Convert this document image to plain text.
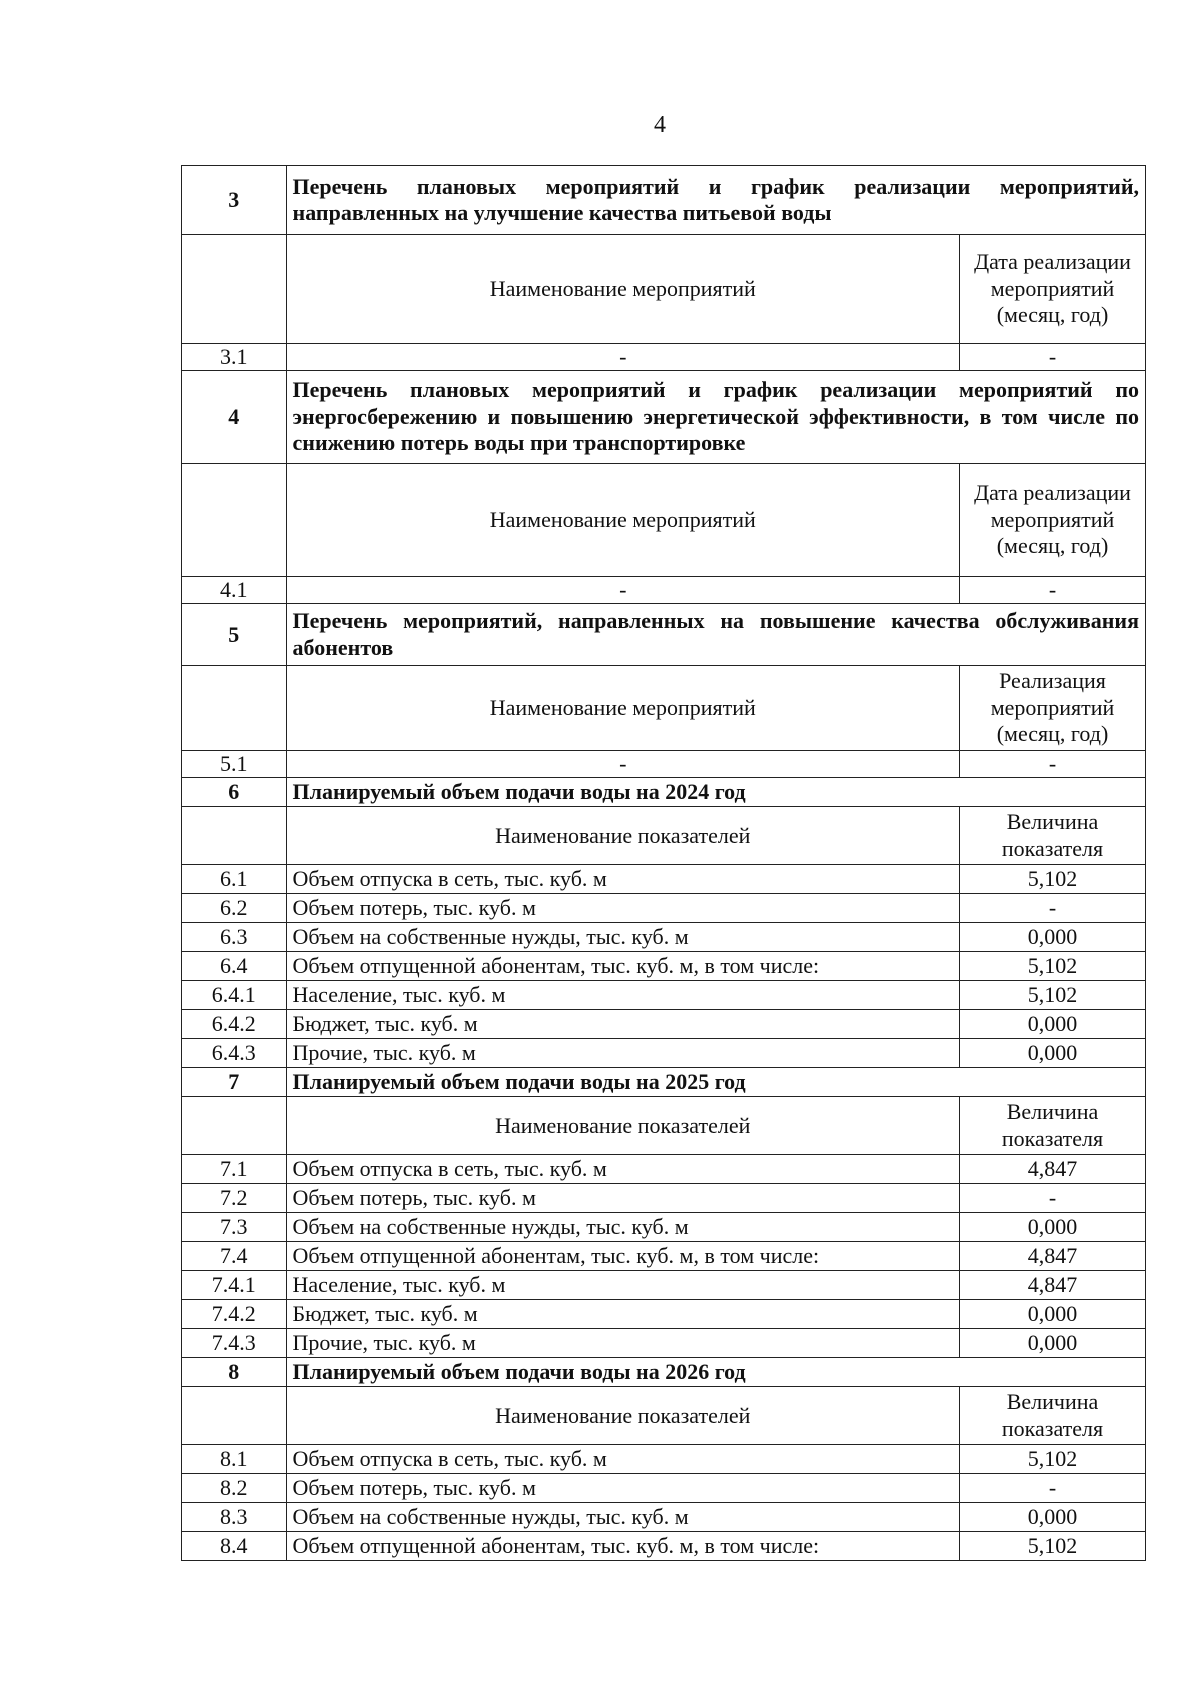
4
3	Перечень плановых мероприятий и график реализации мероприятий, направленных на улучшение качества питьевой воды	
	Наименование мероприятий	Дата реализации мероприятий (месяц, год)
3.1	-	-
4	Перечень плановых мероприятий и график реализации мероприятий по энергосбережению и повышению энергетической эффективности, в том числе по снижению потерь воды при транспортировке	
	Наименование мероприятий	Дата реализации мероприятий (месяц, год)
4.1	-	-
5	Перечень мероприятий, направленных на повышение качества обслуживания абонентов	
	Наименование мероприятий	Реализация мероприятий (месяц, год)
5.1	-	-
6	Планируемый объем подачи воды на 2024 год	
	Наименование показателей	Величина показателя
6.1	Объем отпуска в сеть, тыс. куб. м	5,102
6.2	Объем потерь, тыс. куб. м	-
6.3	Объем на собственные нужды, тыс. куб. м	0,000
6.4	Объем отпущенной абонентам, тыс. куб. м, в том числе:	5,102
6.4.1	Население, тыс. куб. м	5,102
6.4.2	Бюджет, тыс. куб. м	0,000
6.4.3	Прочие, тыс. куб. м	0,000
7	Планируемый объем подачи воды на 2025 год	
	Наименование показателей	Величина показателя
7.1	Объем отпуска в сеть, тыс. куб. м	4,847
7.2	Объем потерь, тыс. куб. м	-
7.3	Объем на собственные нужды, тыс. куб. м	0,000
7.4	Объем отпущенной абонентам, тыс. куб. м, в том числе:	4,847
7.4.1	Население, тыс. куб. м	4,847
7.4.2	Бюджет, тыс. куб. м	0,000
7.4.3	Прочие, тыс. куб. м	0,000
8	Планируемый объем подачи воды на 2026 год	
	Наименование показателей	Величина показателя
8.1	Объем отпуска в сеть, тыс. куб. м	5,102
8.2	Объем потерь, тыс. куб. м	-
8.3	Объем на собственные нужды, тыс. куб. м	0,000
8.4	Объем отпущенной абонентам, тыс. куб. м, в том числе:	5,102
